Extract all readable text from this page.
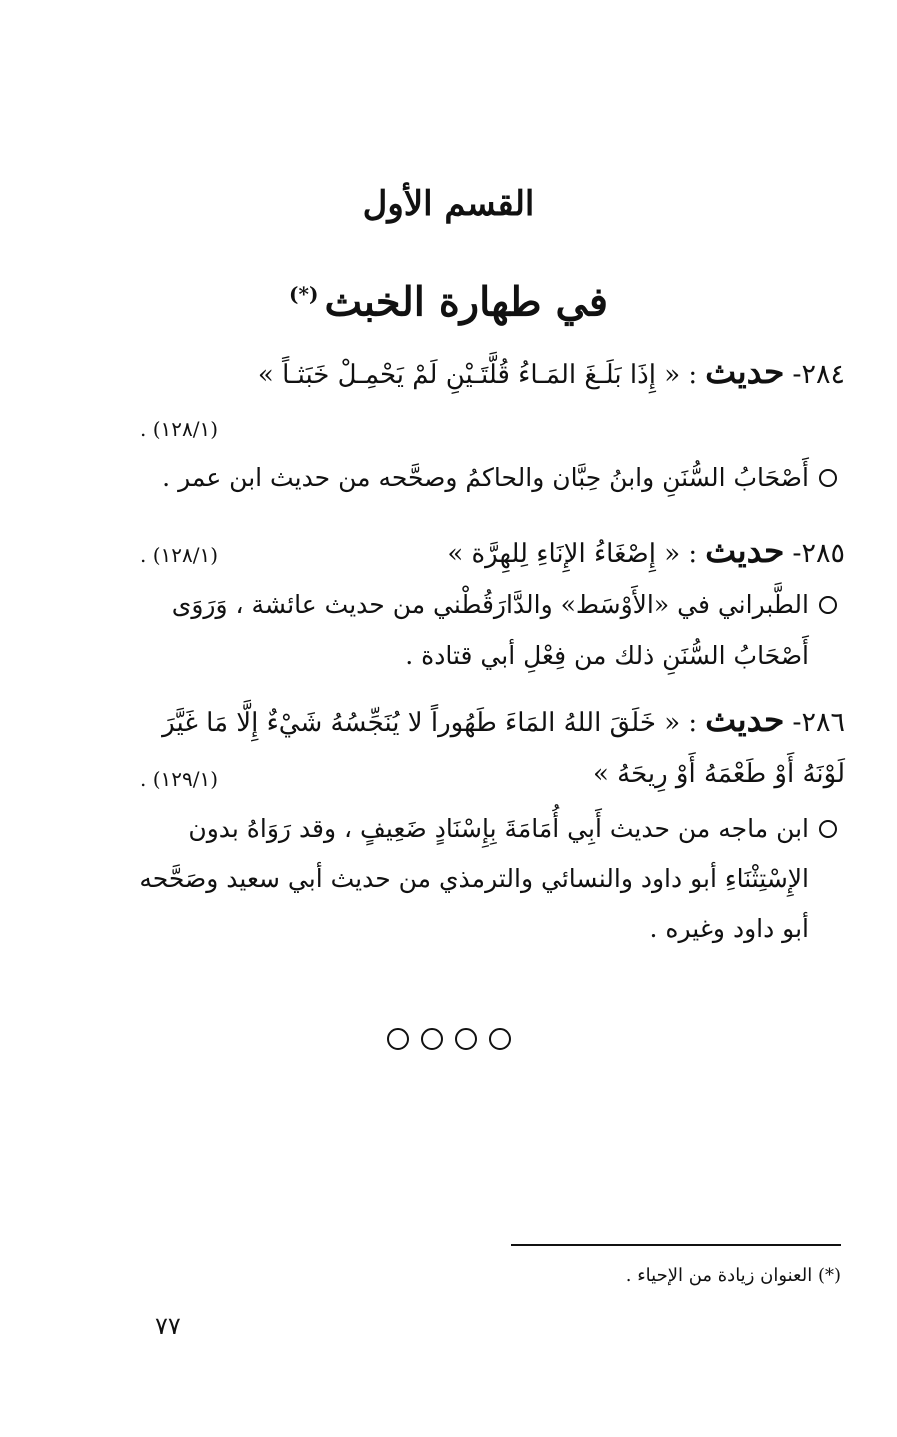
القسم الأول
في طهارة الخبث(*)
٢٨٤- حديث : « إِذَا بَلَـغَ المَـاءُ قُلَّتَـيْنِ لَمْ يَحْمِـلْ خَبَثـاً »
(١٢٨/١) .
أَصْحَابُ السُّنَنِ وابنُ حِبَّان والحاكمُ وصحَّحه من حديث ابن عمر .
٢٨٥- حديث : « إِصْغَاءُ الإِنَاءِ لِلهِرَّة »
(١٢٨/١) .
الطَّبراني في «الأَوْسَط» والدَّارَقُطْني من حديث عائشة ، وَرَوَى
أَصْحَابُ السُّنَنِ ذلك من فِعْلِ أبي قتادة .
٢٨٦- حديث : « خَلَقَ اللهُ المَاءَ طَهُوراً لا يُنَجِّسُهُ شَيْءٌ إِلَّا مَا غَيَّرَ
لَوْنَهُ أَوْ طَعْمَهُ أَوْ رِيحَهُ »
(١٢٩/١) .
ابن ماجه من حديث أَبِي أُمَامَةَ بِإِسْنَادٍ ضَعِيفٍ ، وقد رَوَاهُ بدون
الإِسْتِثْنَاءِ أبو داود والنسائي والترمذي من حديث أبي سعيد وصَحَّحه
أبو داود وغيره .
(*) العنوان زيادة من الإحياء .
٧٧
